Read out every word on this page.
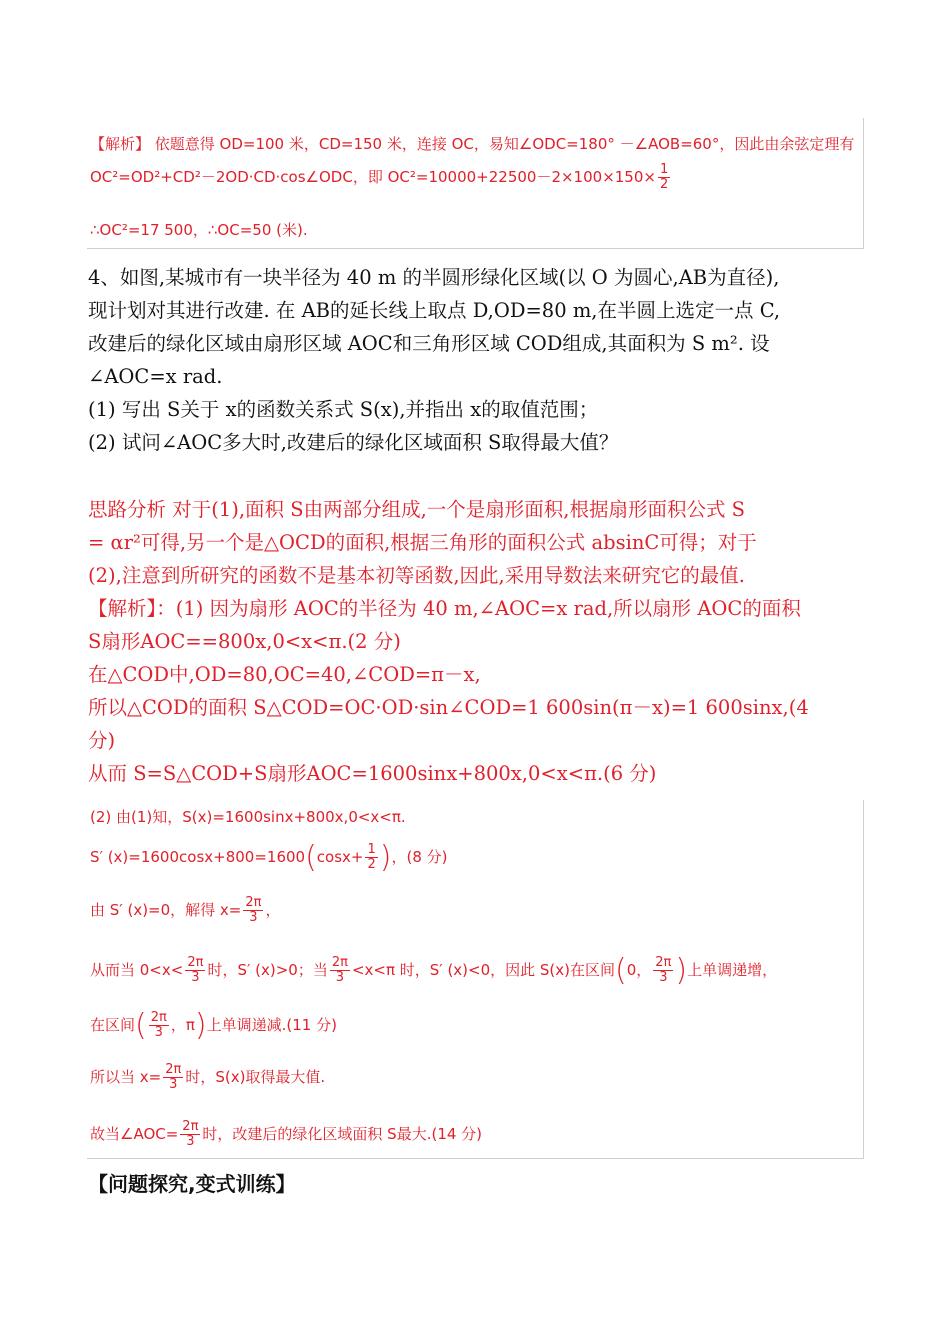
【解析】 依题意得 OD=100 米，CD=150 米，连接 OC，易知∠ODC=180° －∠AOB=60°，因此由余弦定理有
OC²=OD²+CD²－2OD·CD·cos∠ODC，即 $OC^2=10000+22500-2\times 100\times 150\times \frac{1}{2}$
∴OC²=17 500，∴OC=50 (米).

4、如图,某城市有一块半径为 40 m 的半圆形绿化区域(以 O 为圆心,AB为直径),

现计划对其进行改建. 在 AB的延长线上取点 D,OD=80 m,在半圆上选定一点 C,

改建后的绿化区域由扇形区域 AOC和三角形区域 COD组成,其面积为 S m². 设

∠AOC=x rad.

(1) 写出 S关于 x的函数关系式 S(x),并指出 x的取值范围；

(2) 试问∠AOC多大时,改建后的绿化区域面积 S取得最大值？

思路分析 对于(1),面积 S由两部分组成,一个是扇形面积,根据扇形面积公式 S

= αr²可得,另一个是△OCD的面积,根据三角形的面积公式 absinC可得；对于

(2),注意到所研究的函数不是基本初等函数,因此,采用导数法来研究它的最值.

【解析】：(1) 因为扇形 AOC的半径为 40 m,∠AOC=x rad,所以扇形 AOC的面积

S扇形AOC==800x,0<x<π.(2 分)

在△COD中,OD=80,OC=40,∠COD=π－x,

所以△COD的面积 S△COD=OC·OD·sin∠COD=1 600sin(π－x)=1 600sinx,(4

分)

从而 S=S△COD+S扇形AOC=1600sinx+800x,0<x<π.(6 分)

(2) 由(1)知，S(x)=1600sinx+800x,0<x<π.
S′ $(x)=1600\cos x+800=1600(\cos x+ \frac{1}{2}$ )，(8 分)
由 S′ (x)=0，解得 $x= \frac{2\pi}{3}$ ，
从而当 $0<x< \frac{2\pi}{3}$ 时，S′ (x)>0；当 $\frac{2\pi}{3} <x<\pi$ 时，S′ (x)<0，因此 S(x)在区间(0， $\frac{2\pi}{3}$ )上单调递增，
在区间( $\frac{2\pi}{3}$ ，π)上单调递减.(11 分)
所以当 $x= \frac{2\pi}{3}$ 时，S(x)取得最大值.
故当∠AOC= $\frac{2\pi}{3}$ 时，改建后的绿化区域面积 S最大.(14 分)
【问题探究,变式训练】
